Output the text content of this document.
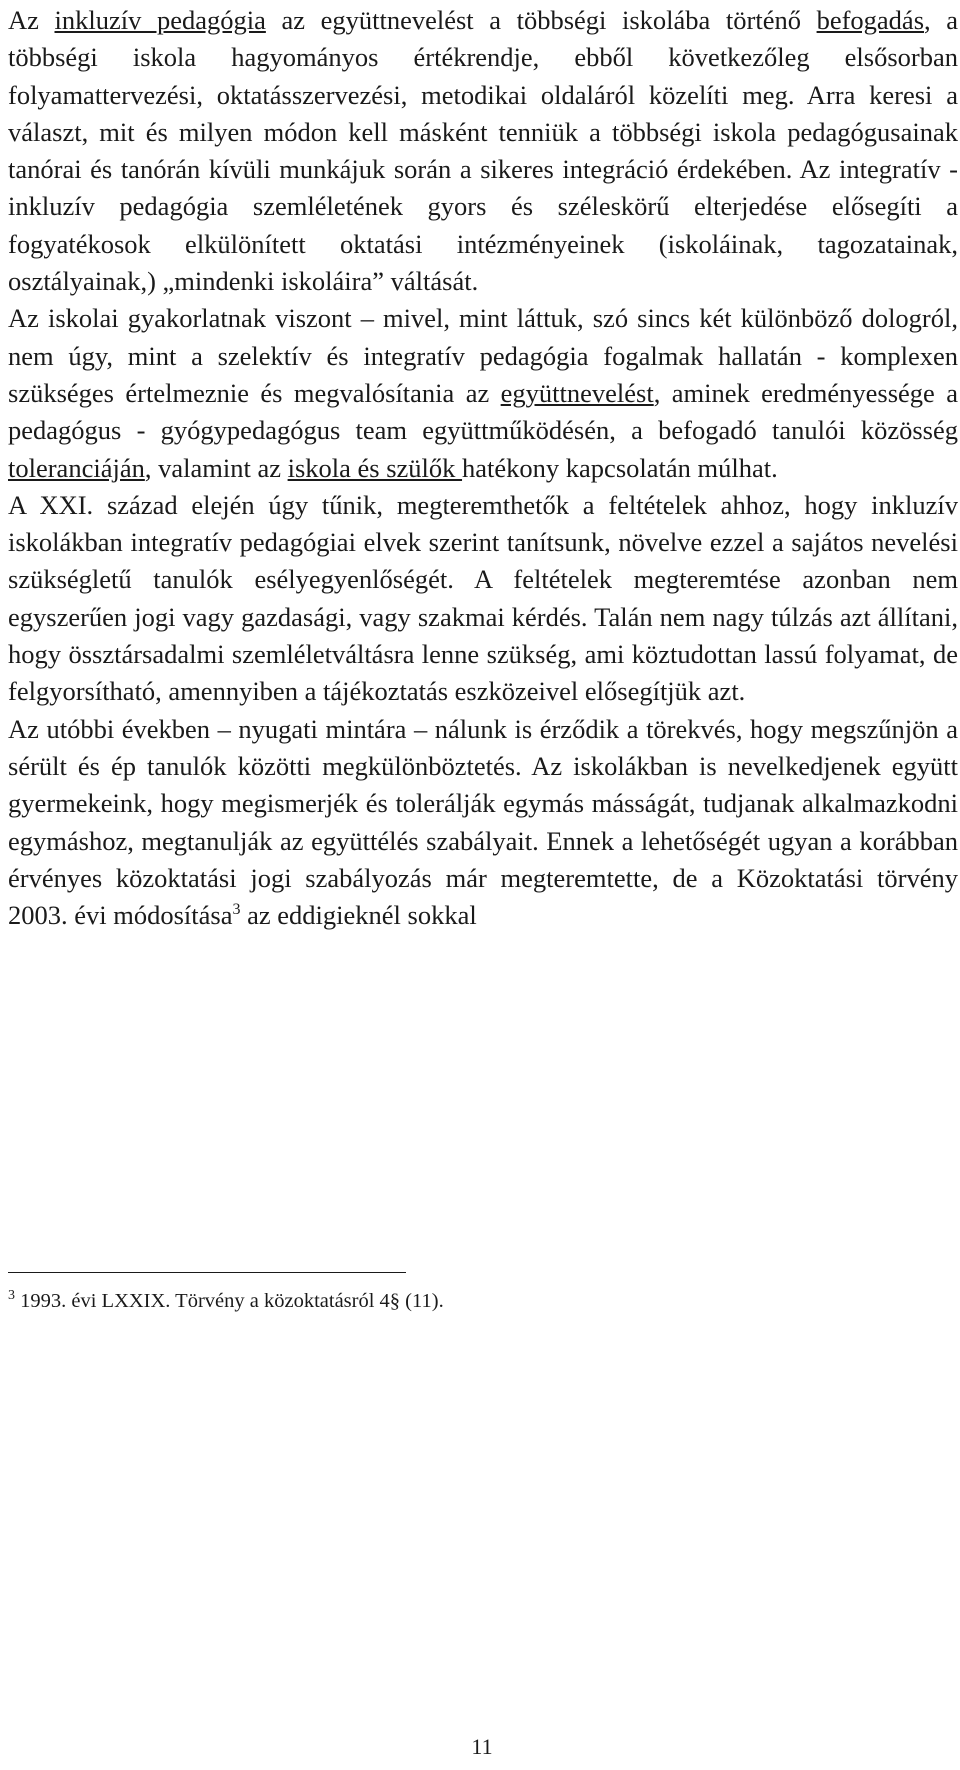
Az inkluzív pedagógia az együttnevelést a többségi iskolába történő befogadás, a többségi iskola hagyományos értékrendje, ebből következőleg elsősorban folyamattervezési, oktatásszervezési, metodikai oldaláról közelíti meg. Arra keresi a választ, mit és milyen módon kell másként tenniük a többségi iskola pedagógusainak tanórai és tanórán kívüli munkájuk során a sikeres integráció érdekében. Az integratív - inkluzív pedagógia szemléletének gyors és széleskörű elterjedése elősegíti a fogyatékosok elkülönített oktatási intézményeinek (iskoláinak, tagozatainak, osztályainak,) „mindenki iskoláira” váltását.

Az iskolai gyakorlatnak viszont – mivel, mint láttuk, szó sincs két különböző dologról, nem úgy, mint a szelektív és integratív pedagógia fogalmak hallatán - komplexen szükséges értelmeznie és megvalósítania az együttnevelést, aminek eredményessége a pedagógus - gyógypedagógus team együttműködésén, a befogadó tanulói közösség toleranciáján, valamint az iskola és szülők hatékony kapcsolatán múlhat.

A XXI. század elején úgy tűnik, megteremthetők a feltételek ahhoz, hogy inkluzív iskolákban integratív pedagógiai elvek szerint tanítsunk, növelve ezzel a sajátos nevelési szükségletű tanulók esélyegyenlőségét. A feltételek megteremtése azonban nem egyszerűen jogi vagy gazdasági, vagy szakmai kérdés. Talán nem nagy túlzás azt állítani, hogy össztársadalmi szemléletváltásra lenne szükség, ami köztudottan lassú folyamat, de felgyorsítható, amennyiben a tájékoztatás eszközeivel elősegítjük azt.

Az utóbbi években – nyugati mintára – nálunk is érződik a törekvés, hogy megszűnjön a sérült és ép tanulók közötti megkülönböztetés. Az iskolákban is nevelkedjenek együtt gyermekeink, hogy megismerjék és tolerálják egymás másságát, tudjanak alkalmazkodni egymáshoz, megtanulják az együttélés szabályait. Ennek a lehetőségét ugyan a korábban érvényes közoktatási jogi szabályozás már megteremtette, de a Közoktatási törvény 2003. évi módosítása$^3$ az eddigieknél sokkal

$^3$ 1993. évi LXXIX. Törvény a közoktatásról 4§ (11).

11
